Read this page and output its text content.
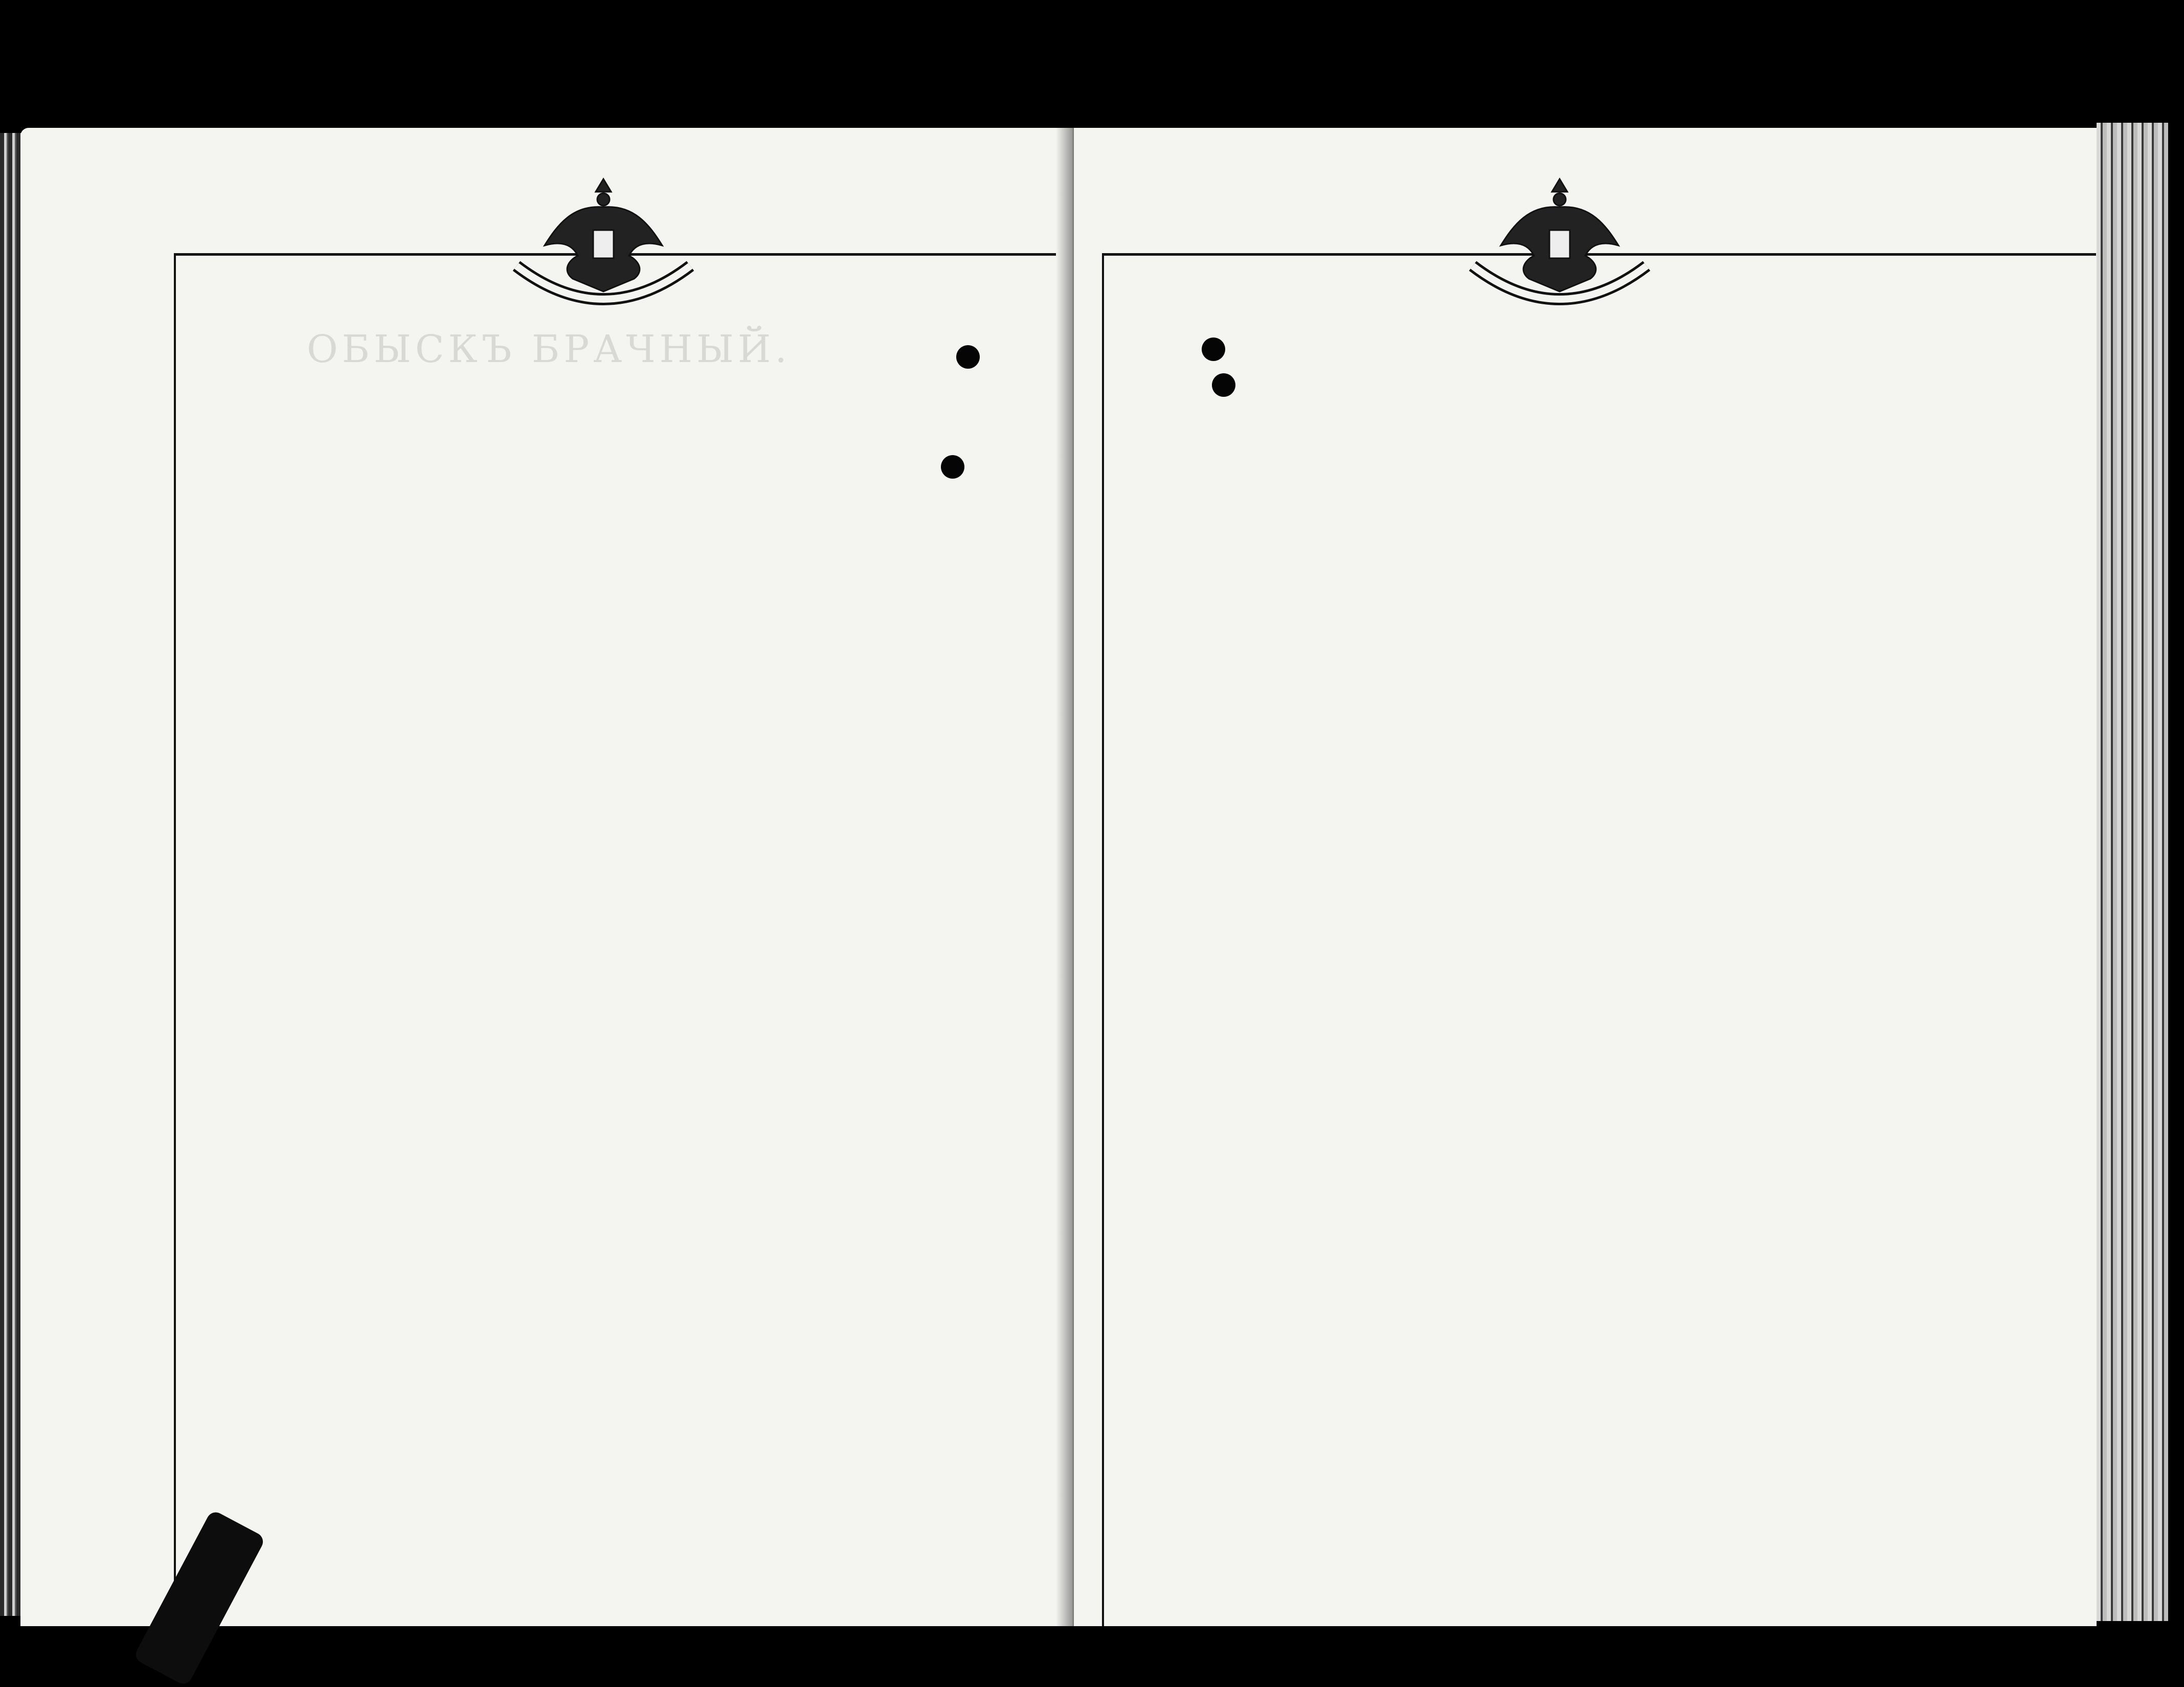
ОБЫСКЪ БРАЧНЫЙ.
